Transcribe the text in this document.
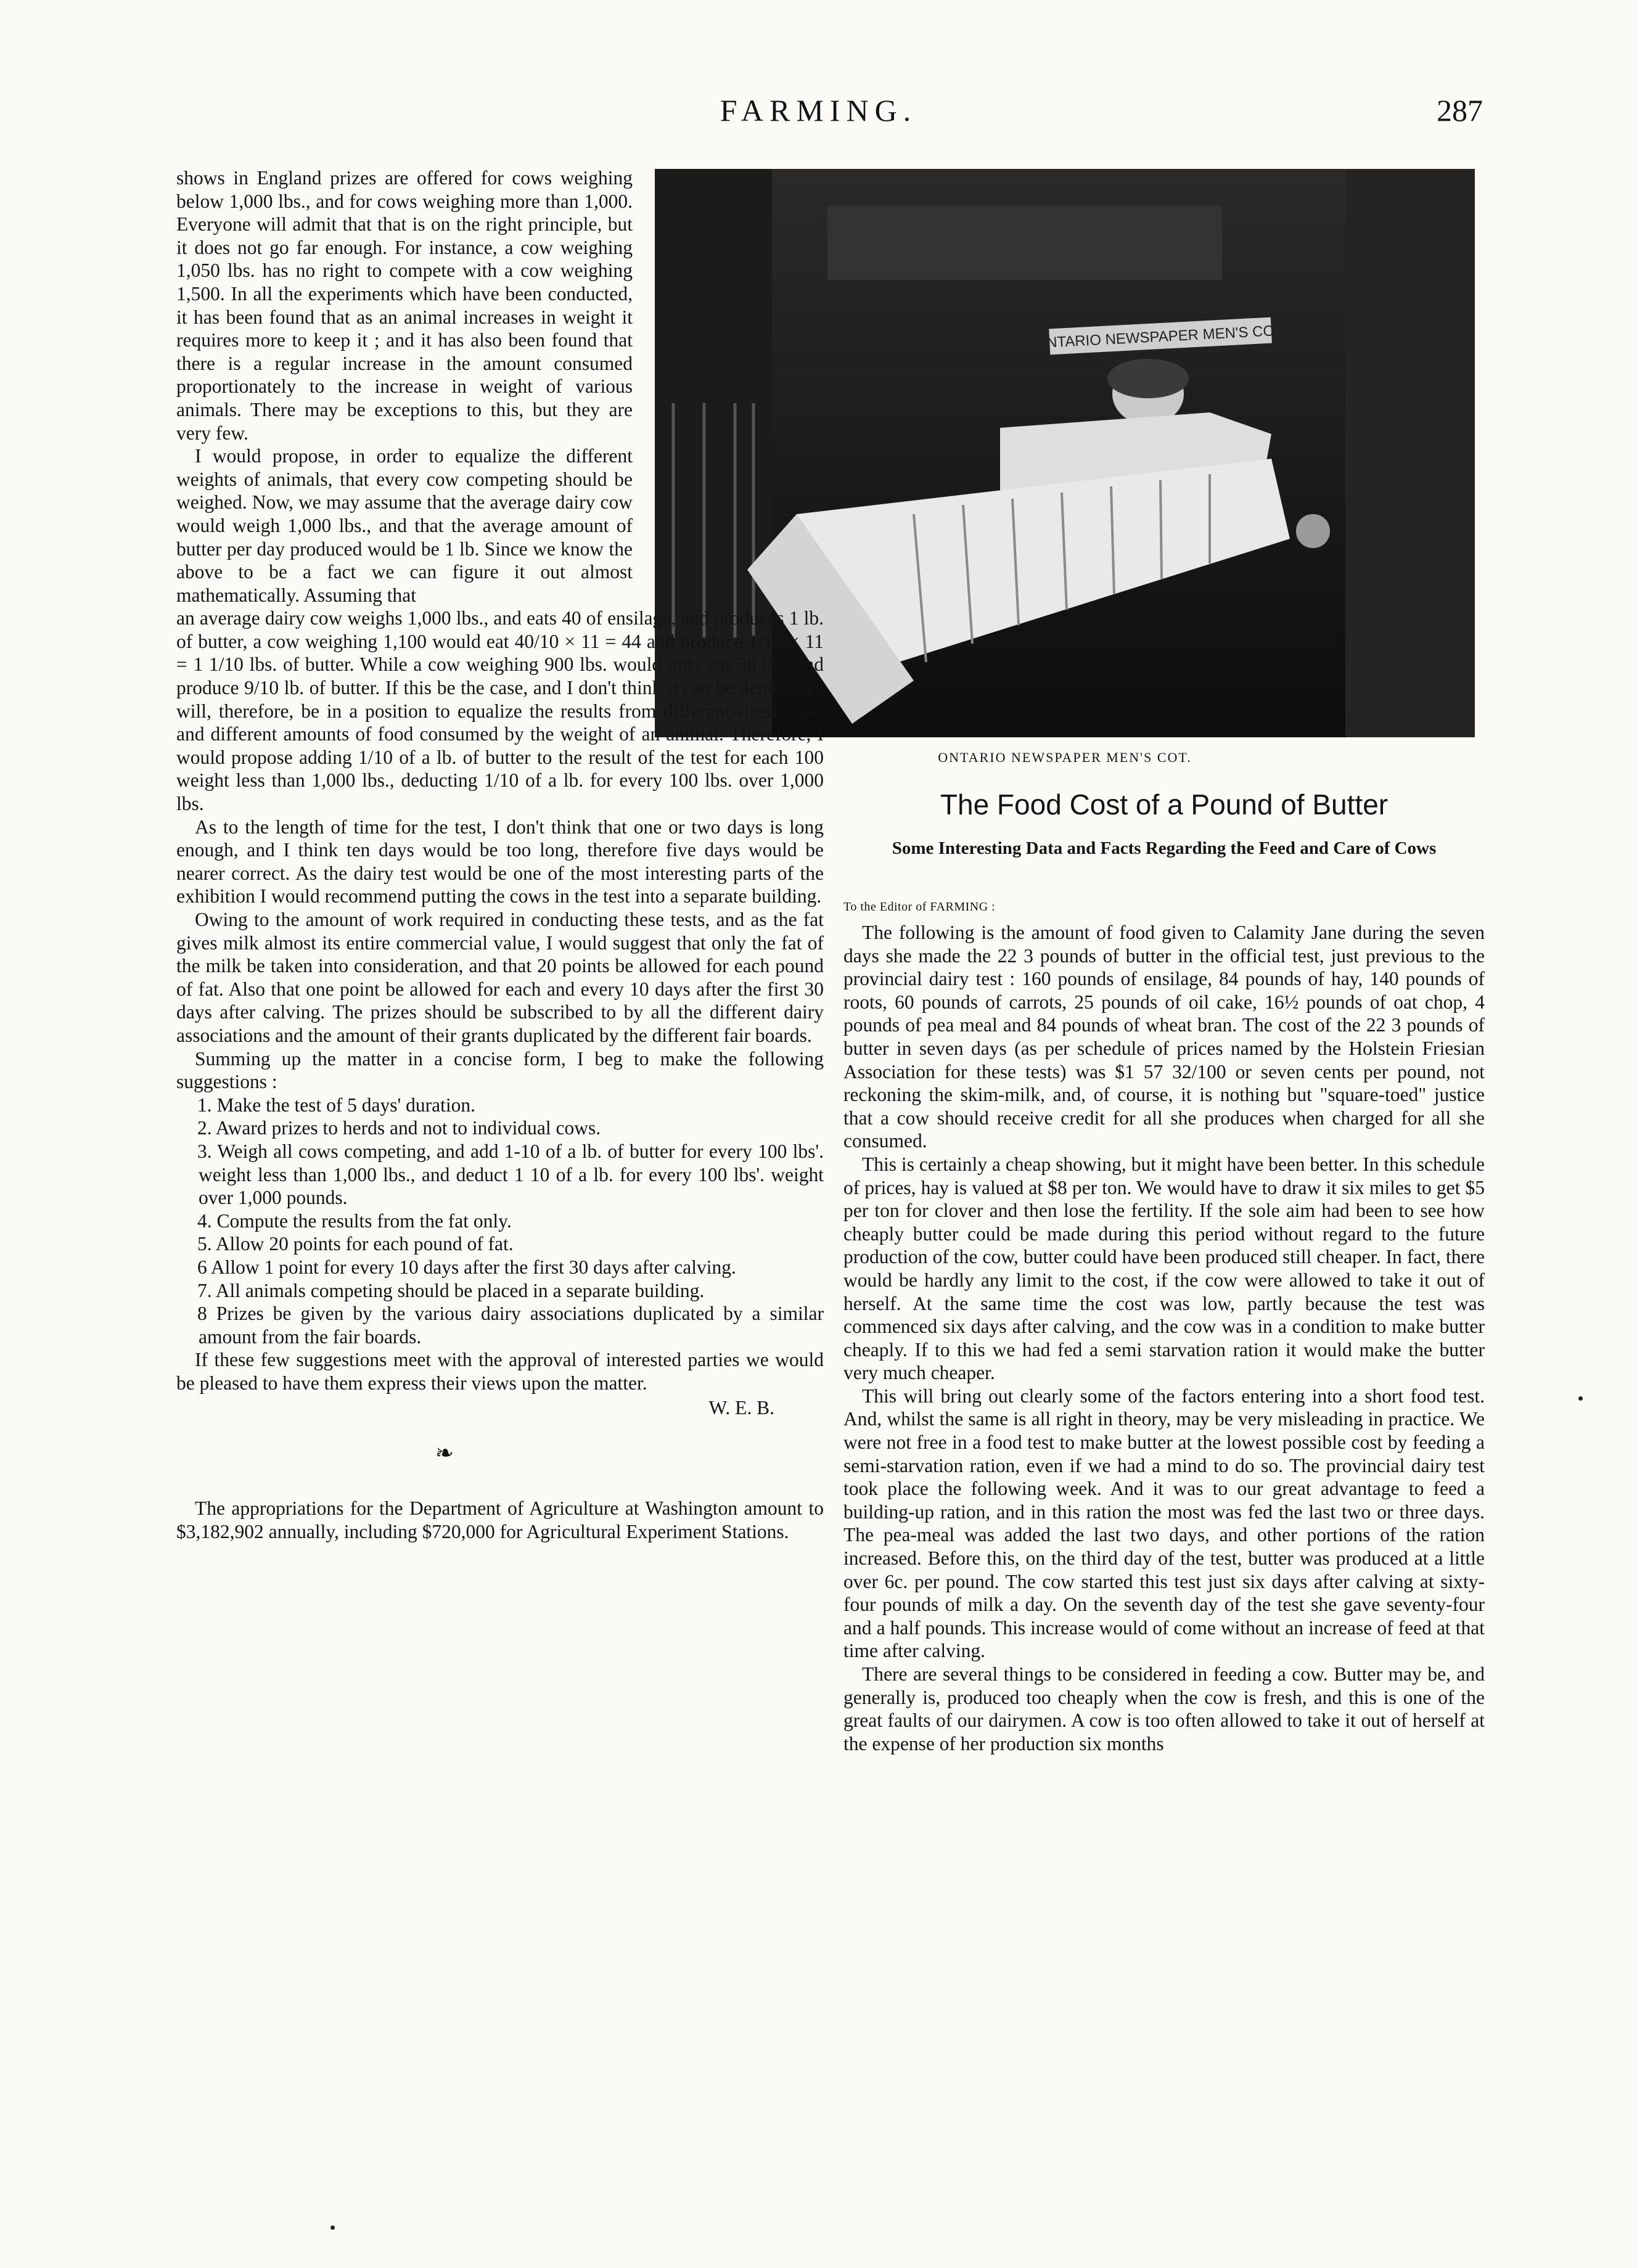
FARMING.	287
ONTARIO NEWSPAPER MEN'S COT.
ONTARIO NEWSPAPER MEN'S COT.

shows in England prizes are offered for cows weighing below 1,000 lbs., and for cows weighing more than 1,000. Everyone will admit that that is on the right principle, but it does not go far enough. For instance, a cow weighing 1,050 lbs. has no right to compete with a cow weighing 1,500. In all the experiments which have been conducted, it has been found that as an animal increases in weight it requires more to keep it ; and it has also been found that there is a regular increase in the amount consumed proportionately to the increase in weight of various animals. There may be exceptions to this, but they are very few.

I would propose, in order to equalize the different weights of animals, that every cow competing should be weighed. Now, we may assume that the average dairy cow would weigh 1,000 lbs., and that the average amount of butter per day produced would be 1 lb. Since we know the above to be a fact we can figure it out almost mathematically. Assuming that

an average dairy cow weighs 1,000 lbs., and eats 40 of ensilage, and produces 1 lb. of butter, a cow weighing 1,100 would eat 40/10 × 11 = 44 and produce 1/10 × 11 = 1 1/10 lbs. of butter. While a cow weighing 900 lbs. would only eat 36 lbs. and produce 9/10 lb. of butter. If this be the case, and I don't think it can be denied, we will, therefore, be in a position to equalize the results from different-sized cows and different amounts of food consumed by the weight of an animal. Therefore, I would propose adding 1/10 of a lb. of butter to the result of the test for each 100 weight less than 1,000 lbs., deducting 1/10 of a lb. for every 100 lbs. over 1,000 lbs.

As to the length of time for the test, I don't think that one or two days is long enough, and I think ten days would be too long, therefore five days would be nearer correct. As the dairy test would be one of the most interesting parts of the exhibition I would recommend putting the cows in the test into a separate building.

Owing to the amount of work required in conducting these tests, and as the fat gives milk almost its entire commercial value, I would suggest that only the fat of the milk be taken into consideration, and that 20 points be allowed for each pound of fat. Also that one point be allowed for each and every 10 days after the first 30 days after calving. The prizes should be subscribed to by all the different dairy associations and the amount of their grants duplicated by the different fair boards.

Summing up the matter in a concise form, I beg to make the following suggestions :

1. Make the test of 5 days' duration.

2. Award prizes to herds and not to individual cows.

3. Weigh all cows competing, and add 1-10 of a lb. of butter for every 100 lbs'. weight less than 1,000 lbs., and deduct 1 10 of a lb. for every 100 lbs'. weight over 1,000 pounds.

4. Compute the results from the fat only.

5. Allow 20 points for each pound of fat.

6 Allow 1 point for every 10 days after the first 30 days after calving.

7. All animals competing should be placed in a separate building.

8 Prizes be given by the various dairy associations duplicated by a similar amount from the fair boards.

If these few suggestions meet with the approval of interested parties we would be pleased to have them express their views upon the matter.

W. E. B.
❧

The appropriations for the Department of Agriculture at Washington amount to $3,182,902 annually, including $720,000 for Agricultural Experiment Stations.

The Food Cost of a Pound of Butter
Some Interesting Data and Facts Regarding the Feed and Care of Cows
To the Editor of FARMING :

The following is the amount of food given to Calamity Jane during the seven days she made the 22 3 pounds of butter in the official test, just previous to the provincial dairy test : 160 pounds of ensilage, 84 pounds of hay, 140 pounds of roots, 60 pounds of carrots, 25 pounds of oil cake, 16½ pounds of oat chop, 4 pounds of pea meal and 84 pounds of wheat bran. The cost of the 22 3 pounds of butter in seven days (as per schedule of prices named by the Holstein Friesian Association for these tests) was $1 57 32/100 or seven cents per pound, not reckoning the skim-milk, and, of course, it is nothing but "square-toed" justice that a cow should receive credit for all she produces when charged for all she consumed.

This is certainly a cheap showing, but it might have been better. In this schedule of prices, hay is valued at $8 per ton. We would have to draw it six miles to get $5 per ton for clover and then lose the fertility. If the sole aim had been to see how cheaply butter could be made during this period without regard to the future production of the cow, butter could have been produced still cheaper. In fact, there would be hardly any limit to the cost, if the cow were allowed to take it out of herself. At the same time the cost was low, partly because the test was commenced six days after calving, and the cow was in a condition to make butter cheaply. If to this we had fed a semi starvation ration it would make the butter very much cheaper.

This will bring out clearly some of the factors entering into a short food test. And, whilst the same is all right in theory, may be very misleading in practice. We were not free in a food test to make butter at the lowest possible cost by feeding a semi-starvation ration, even if we had a mind to do so. The provincial dairy test took place the following week. And it was to our great advantage to feed a building-up ration, and in this ration the most was fed the last two or three days. The pea-meal was added the last two days, and other portions of the ration increased. Before this, on the third day of the test, butter was produced at a little over 6c. per pound. The cow started this test just six days after calving at sixty-four pounds of milk a day. On the seventh day of the test she gave seventy-four and a half pounds. This increase would of come without an increase of feed at that time after calving.

There are several things to be considered in feeding a cow. Butter may be, and generally is, produced too cheaply when the cow is fresh, and this is one of the great faults of our dairymen. A cow is too often allowed to take it out of herself at the expense of her production six months
